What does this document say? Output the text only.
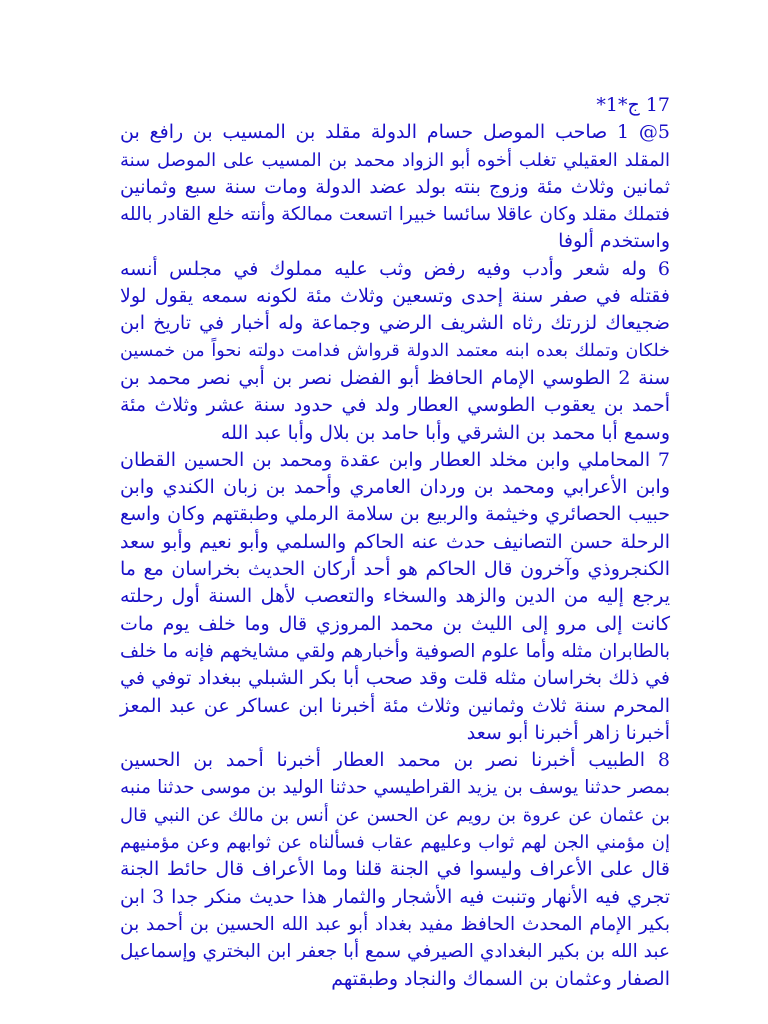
17 ج*1*
5@ 1 صاحب الموصل حسام الدولة مقلد بن المسيب بن رافع بن
المقلد العقيلي تغلب أخوه أبو الزواد محمد بن المسيب على الموصل سنة
ثمانين وثلاث مئة وزوج بنته بولد عضد الدولة ومات سنة سبع وثمانين
فتملك مقلد وكان عاقلا سائسا خبيرا اتسعت ممالكة وأنته خلع القادر بالله
واستخدم ألوفا
6 وله شعر وأدب وفيه رفض وثب عليه مملوك في مجلس أنسه
فقتله في صفر سنة إحدى وتسعين وثلاث مئة لكونه سمعه يقول لولا
ضجيعاك لزرتك رثاه الشريف الرضي وجماعة وله أخبار في تاريخ ابن
خلكان وتملك بعده ابنه معتمد الدولة قرواش فدامت دولته نحواً من خمسين
سنة 2 الطوسي الإمام الحافظ أبو الفضل نصر بن أبي نصر محمد بن
أحمد بن يعقوب الطوسي العطار ولد في حدود سنة عشر وثلاث مئة
وسمع أبا محمد بن الشرقي وأبا حامد بن بلال وأبا عبد الله
7 المحاملي وابن مخلد العطار وابن عقدة ومحمد بن الحسين القطان
وابن الأعرابي ومحمد بن وردان العامري وأحمد بن زبان الكندي وابن
حبيب الحصائري وخيثمة والربيع بن سلامة الرملي وطبقتهم وكان واسع
الرحلة حسن التصانيف حدث عنه الحاكم والسلمي وأبو نعيم وأبو سعد
الكنجروذي وآخرون قال الحاكم هو أحد أركان الحديث بخراسان مع ما
يرجع إليه من الدين والزهد والسخاء والتعصب لأهل السنة أول رحلته
كانت إلى مرو إلى الليث بن محمد المروزي قال وما خلف يوم مات
بالطابران مثله وأما علوم الصوفية وأخبارهم ولقي مشايخهم فإنه ما خلف
في ذلك بخراسان مثله قلت وقد صحب أبا بكر الشبلي ببغداد توفي في
المحرم سنة ثلاث وثمانين وثلاث مئة أخبرنا ابن عساكر عن عبد المعز
أخبرنا زاهر أخبرنا أبو سعد
8 الطبيب أخبرنا نصر بن محمد العطار أخبرنا أحمد بن الحسين
بمصر حدثنا يوسف بن يزيد القراطيسي حدثنا الوليد بن موسى حدثنا منبه
بن عثمان عن عروة بن رويم عن الحسن عن أنس بن مالك عن النبي قال
إن مؤمني الجن لهم ثواب وعليهم عقاب فسألناه عن ثوابهم وعن مؤمنيهم
قال على الأعراف وليسوا في الجنة قلنا وما الأعراف قال حائط الجنة
تجري فيه الأنهار وتنبت فيه الأشجار والثمار هذا حديث منكر جدا 3 ابن
بكير الإمام المحدث الحافظ مفيد بغداد أبو عبد الله الحسين بن أحمد بن
عبد الله بن بكير البغدادي الصيرفي سمع أبا جعفر ابن البختري وإسماعيل
الصفار وعثمان بن السماك والنجاد وطبقتهم
